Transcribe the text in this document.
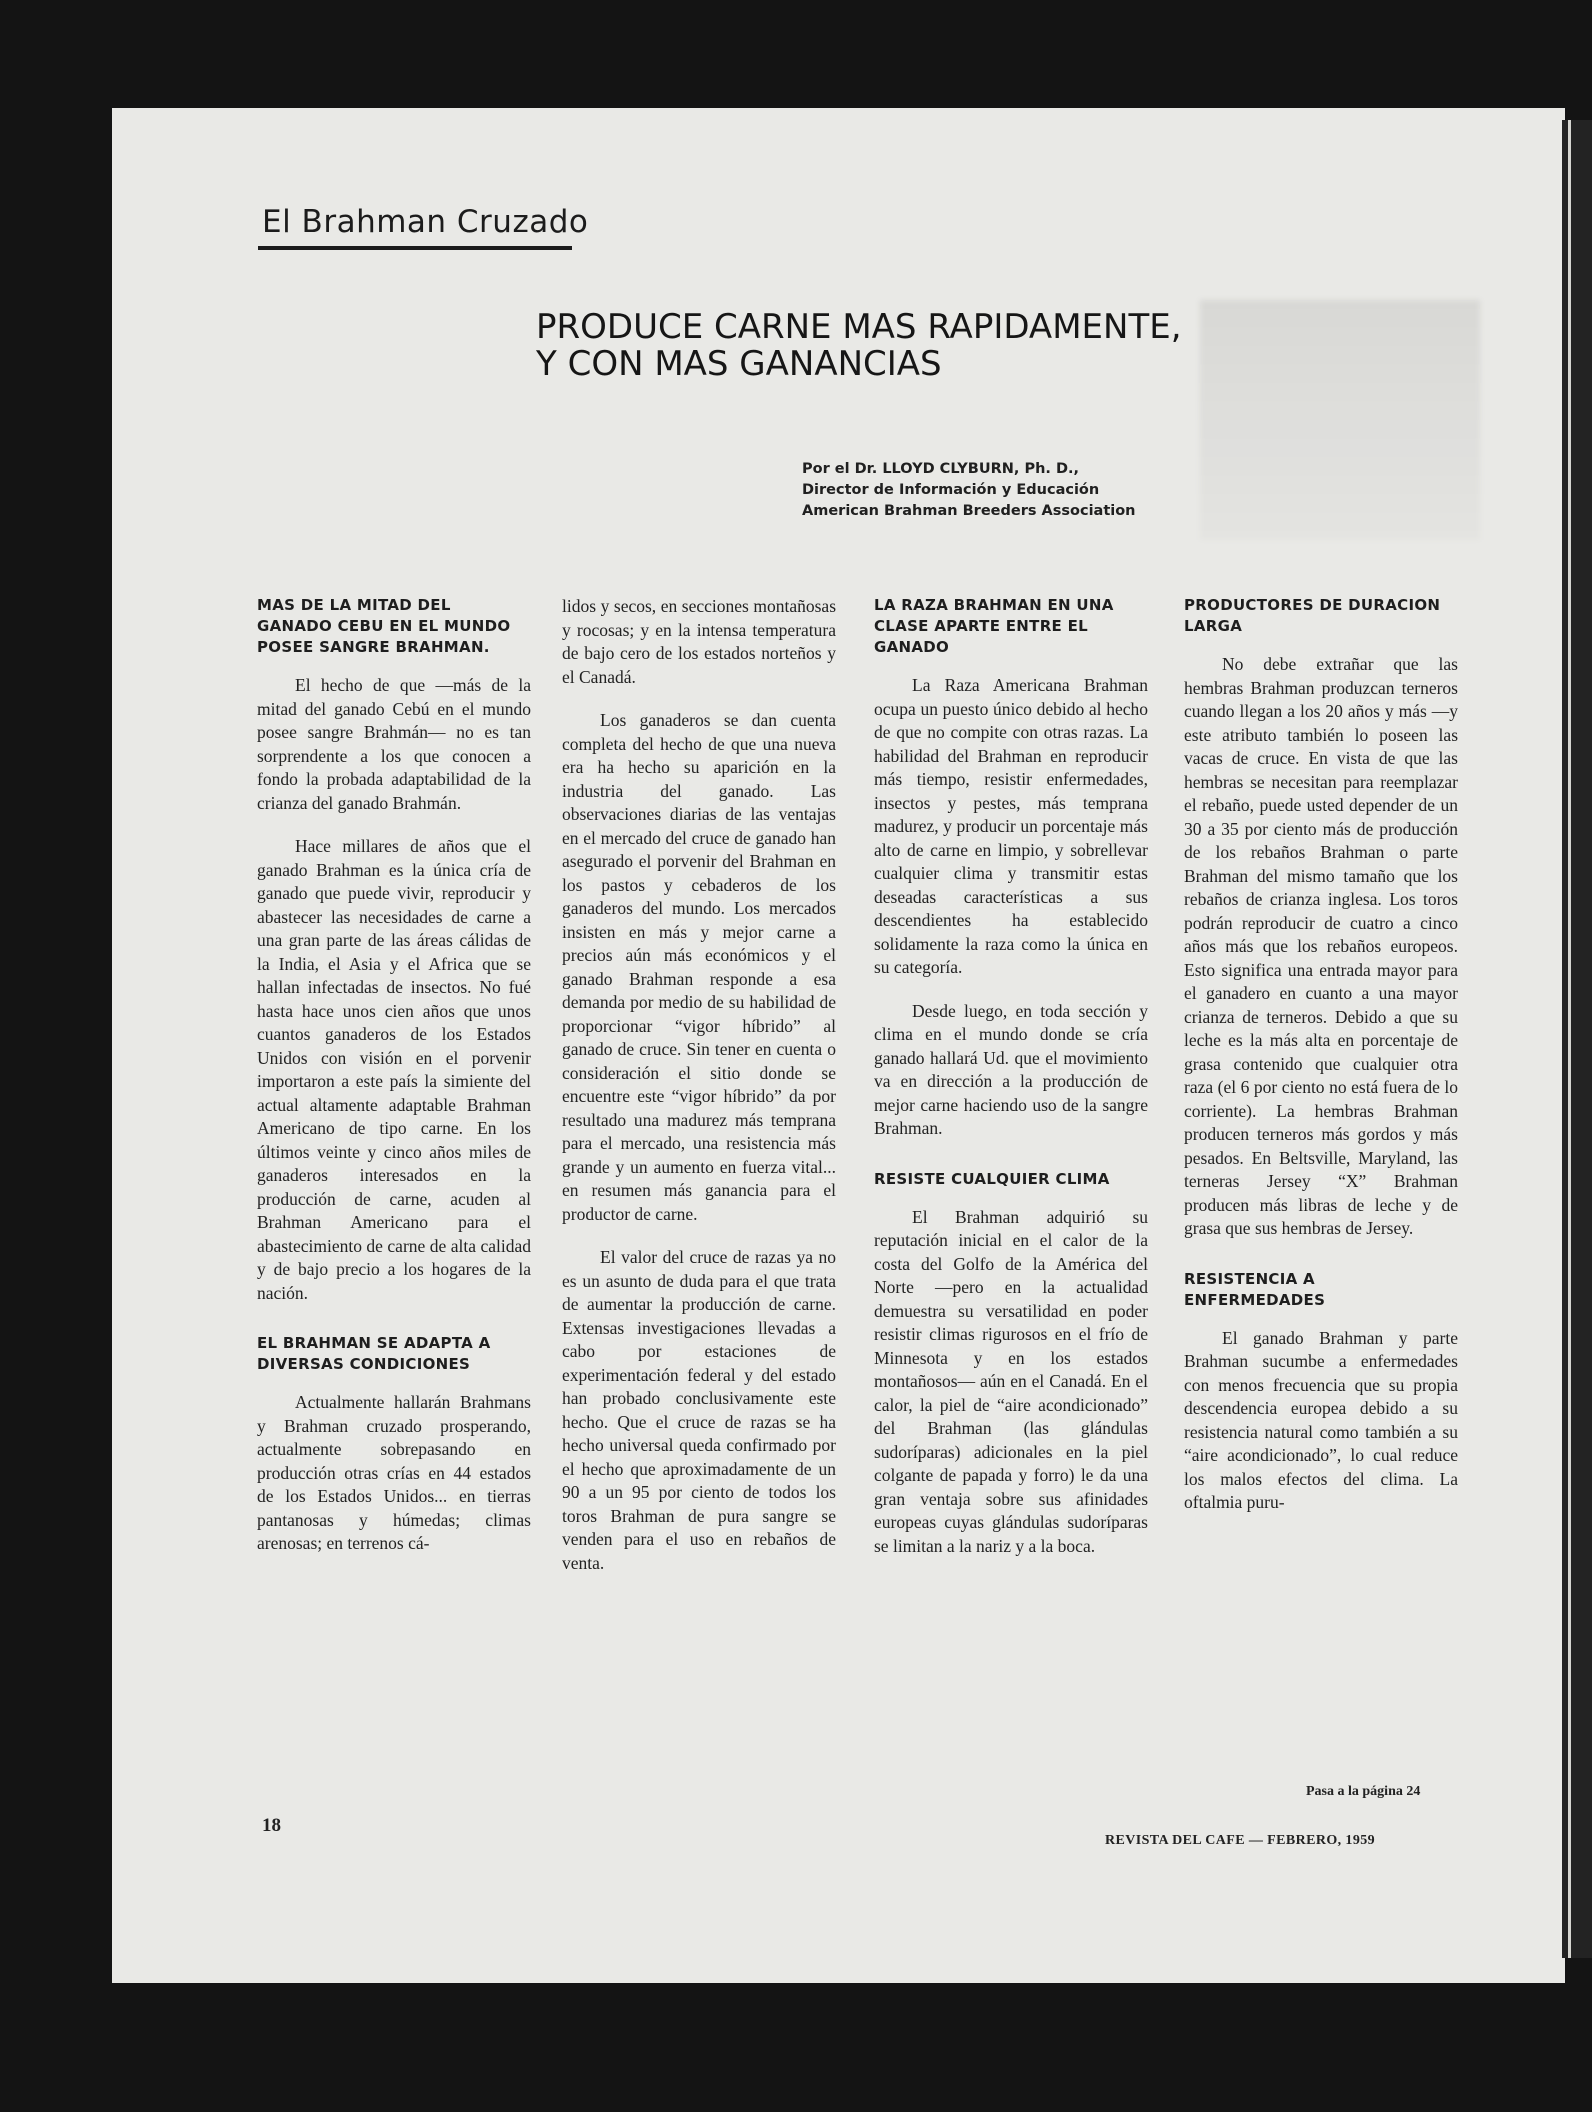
El Brahman Cruzado
PRODUCE CARNE MAS RAPIDAMENTE,
Y CON MAS GANANCIAS
Por el Dr. LLOYD CLYBURN, Ph. D.,
Director de Información y Educación
American Brahman Breeders Association
MAS DE LA MITAD DEL GANADO CEBU EN EL MUNDO POSEE SANGRE BRAHMAN.

El hecho de que —más de la mitad del ganado Cebú en el mundo posee sangre Brahmán— no es tan sorprendente a los que conocen a fondo la probada adaptabilidad de la crianza del ganado Brahmán.

Hace millares de años que el ganado Brahman es la única cría de ganado que puede vivir, reproducir y abastecer las necesidades de carne a una gran parte de las áreas cálidas de la India, el Asia y el Africa que se hallan infectadas de insectos. No fué hasta hace unos cien años que unos cuantos ganaderos de los Estados Unidos con visión en el porvenir importaron a este país la simiente del actual altamente adaptable Brahman Americano de tipo carne. En los últimos veinte y cinco años miles de ganaderos interesados en la producción de carne, acuden al Brahman Americano para el abastecimiento de carne de alta calidad y de bajo precio a los hogares de la nación.

EL BRAHMAN SE ADAPTA A DIVERSAS CONDICIONES

Actualmente hallarán Brahmans y Brahman cruzado prosperando, actualmente sobrepasando en producción otras crías en 44 estados de los Estados Unidos... en tierras pantanosas y húmedas; climas arenosas; en terrenos cá-

lidos y secos, en secciones montañosas y rocosas; y en la intensa temperatura de bajo cero de los estados norteños y el Canadá.

Los ganaderos se dan cuenta completa del hecho de que una nueva era ha hecho su aparición en la industria del ganado. Las observaciones diarias de las ventajas en el mercado del cruce de ganado han asegurado el porvenir del Brahman en los pastos y cebaderos de los ganaderos del mundo. Los mercados insisten en más y mejor carne a precios aún más económicos y el ganado Brahman responde a esa demanda por medio de su habilidad de proporcionar “vigor híbrido” al ganado de cruce. Sin tener en cuenta o consideración el sitio donde se encuentre este “vigor híbrido” da por resultado una madurez más temprana para el mercado, una resistencia más grande y un aumento en fuerza vital... en resumen más ganancia para el productor de carne.

El valor del cruce de razas ya no es un asunto de duda para el que trata de aumentar la producción de carne. Extensas investigaciones llevadas a cabo por estaciones de experimentación federal y del estado han probado conclusivamente este hecho. Que el cruce de razas se ha hecho universal queda confirmado por el hecho que aproximadamente de un 90 a un 95 por ciento de todos los toros Brahman de pura sangre se venden para el uso en rebaños de venta.

LA RAZA BRAHMAN EN UNA CLASE APARTE ENTRE EL GANADO

La Raza Americana Brahman ocupa un puesto único debido al hecho de que no compite con otras razas. La habilidad del Brahman en reproducir más tiempo, resistir enfermedades, insectos y pestes, más temprana madurez, y producir un porcentaje más alto de carne en limpio, y sobrellevar cualquier clima y transmitir estas deseadas características a sus descendientes ha establecido solidamente la raza como la única en su categoría.

Desde luego, en toda sección y clima en el mundo donde se cría ganado hallará Ud. que el movimiento va en dirección a la producción de mejor carne haciendo uso de la sangre Brahman.

RESISTE CUALQUIER CLIMA

El Brahman adquirió su reputación inicial en el calor de la costa del Golfo de la América del Norte —pero en la actualidad demuestra su versatilidad en poder resistir climas rigurosos en el frío de Minnesota y en los estados montañosos— aún en el Canadá. En el calor, la piel de “aire acondicionado” del Brahman (las glándulas sudoríparas) adicionales en la piel colgante de papada y forro) le da una gran ventaja sobre sus afinidades europeas cuyas glándulas sudoríparas se limitan a la nariz y a la boca.

PRODUCTORES DE DURACION LARGA

No debe extrañar que las hembras Brahman produzcan terneros cuando llegan a los 20 años y más —y este atributo también lo poseen las vacas de cruce. En vista de que las hembras se necesitan para reemplazar el rebaño, puede usted depender de un 30 a 35 por ciento más de producción de los rebaños Brahman o parte Brahman del mismo tamaño que los rebaños de crianza inglesa. Los toros podrán reproducir de cuatro a cinco años más que los rebaños europeos. Esto significa una entrada mayor para el ganadero en cuanto a una mayor crianza de terneros. Debido a que su leche es la más alta en porcentaje de grasa contenido que cualquier otra raza (el 6 por ciento no está fuera de lo corriente). La hembras Brahman producen terneros más gordos y más pesados. En Beltsville, Maryland, las terneras Jersey “X” Brahman producen más libras de leche y de grasa que sus hembras de Jersey.

RESISTENCIA A ENFERMEDADES

El ganado Brahman y parte Brahman sucumbe a enfermedades con menos frecuencia que su propia descendencia europea debido a su resistencia natural como también a su “aire acondicionado”, lo cual reduce los malos efectos del clima. La oftalmia puru-

Pasa a la página 24
18
REVISTA DEL CAFE — FEBRERO, 1959
